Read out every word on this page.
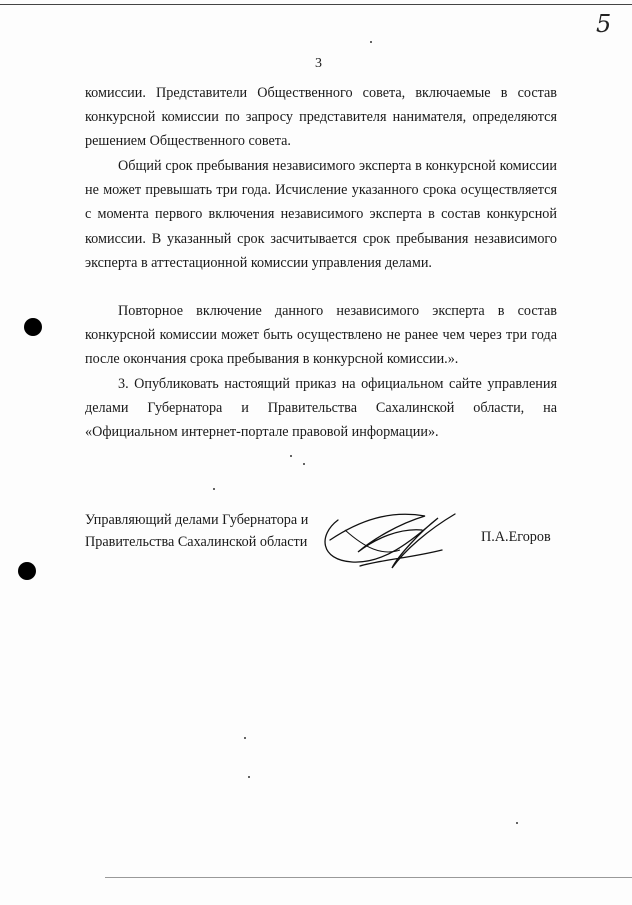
5
3
комиссии. Представители Общественного совета, включаемые в состав конкурсной комиссии по запросу представителя нанимателя, определяются решением Общественного совета.
Общий срок пребывания независимого эксперта в конкурсной комиссии не может превышать три года. Исчисление указанного срока осуществляется с момента первого включения независимого эксперта в состав конкурсной комиссии. В указанный срок засчитывается срок пребывания независимого эксперта в аттестационной комиссии управления делами.
Повторное включение данного независимого эксперта в состав конкурсной комиссии может быть осуществлено не ранее чем через три года после окончания срока пребывания в конкурсной комиссии.».
3. Опубликовать настоящий приказ на официальном сайте управления делами Губернатора и Правительства Сахалинской области, на «Официальном интернет-портале правовой информации».
Управляющий делами Губернатора и
Правительства Сахалинской области	П.А.Егоров
